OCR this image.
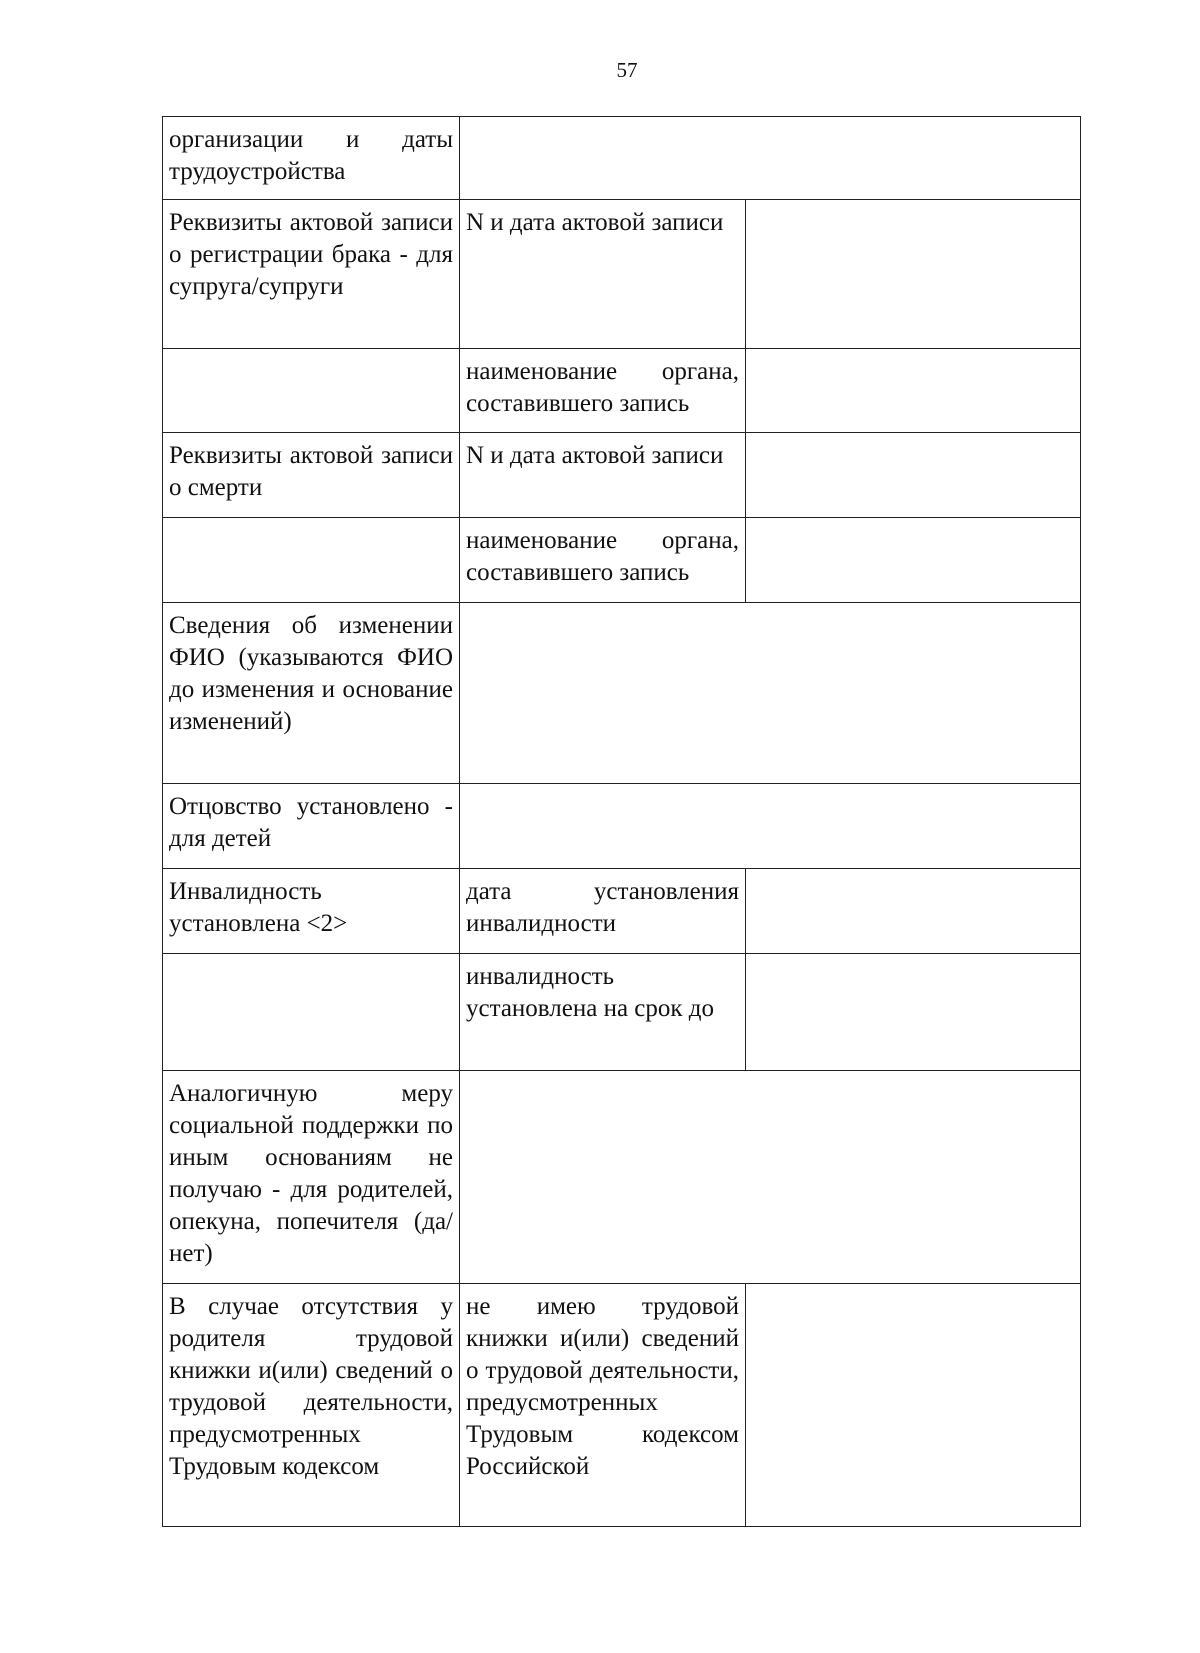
57
организации и даты трудоустройства		
Реквизиты актовой записи о регистрации брака - для супруга/супруги	N и дата актовой записи	
	наименование органа, составившего запись	
Реквизиты актовой записи о смерти	N и дата актовой записи	
	наименование органа, составившего запись	
Сведения об изменении ФИО (указываются ФИО до изменения и основание изменений)		
Отцовство установлено - для детей		
Инвалидность установлена <2>	дата установления инвалидности	
	инвалидность установлена на срок до	
Аналогичную меру социальной поддержки по иным основаниям не получаю - для родителей, опекуна, попечителя (да/нет)		

В случае отсутствия у родителя трудовой книжки и(или) сведений о трудовой деятельности, предусмотренных Трудовым кодексом	не имею трудовой книжки и(или) сведений о трудовой деятельности, предусмотренных Трудовым кодексом Российской	
